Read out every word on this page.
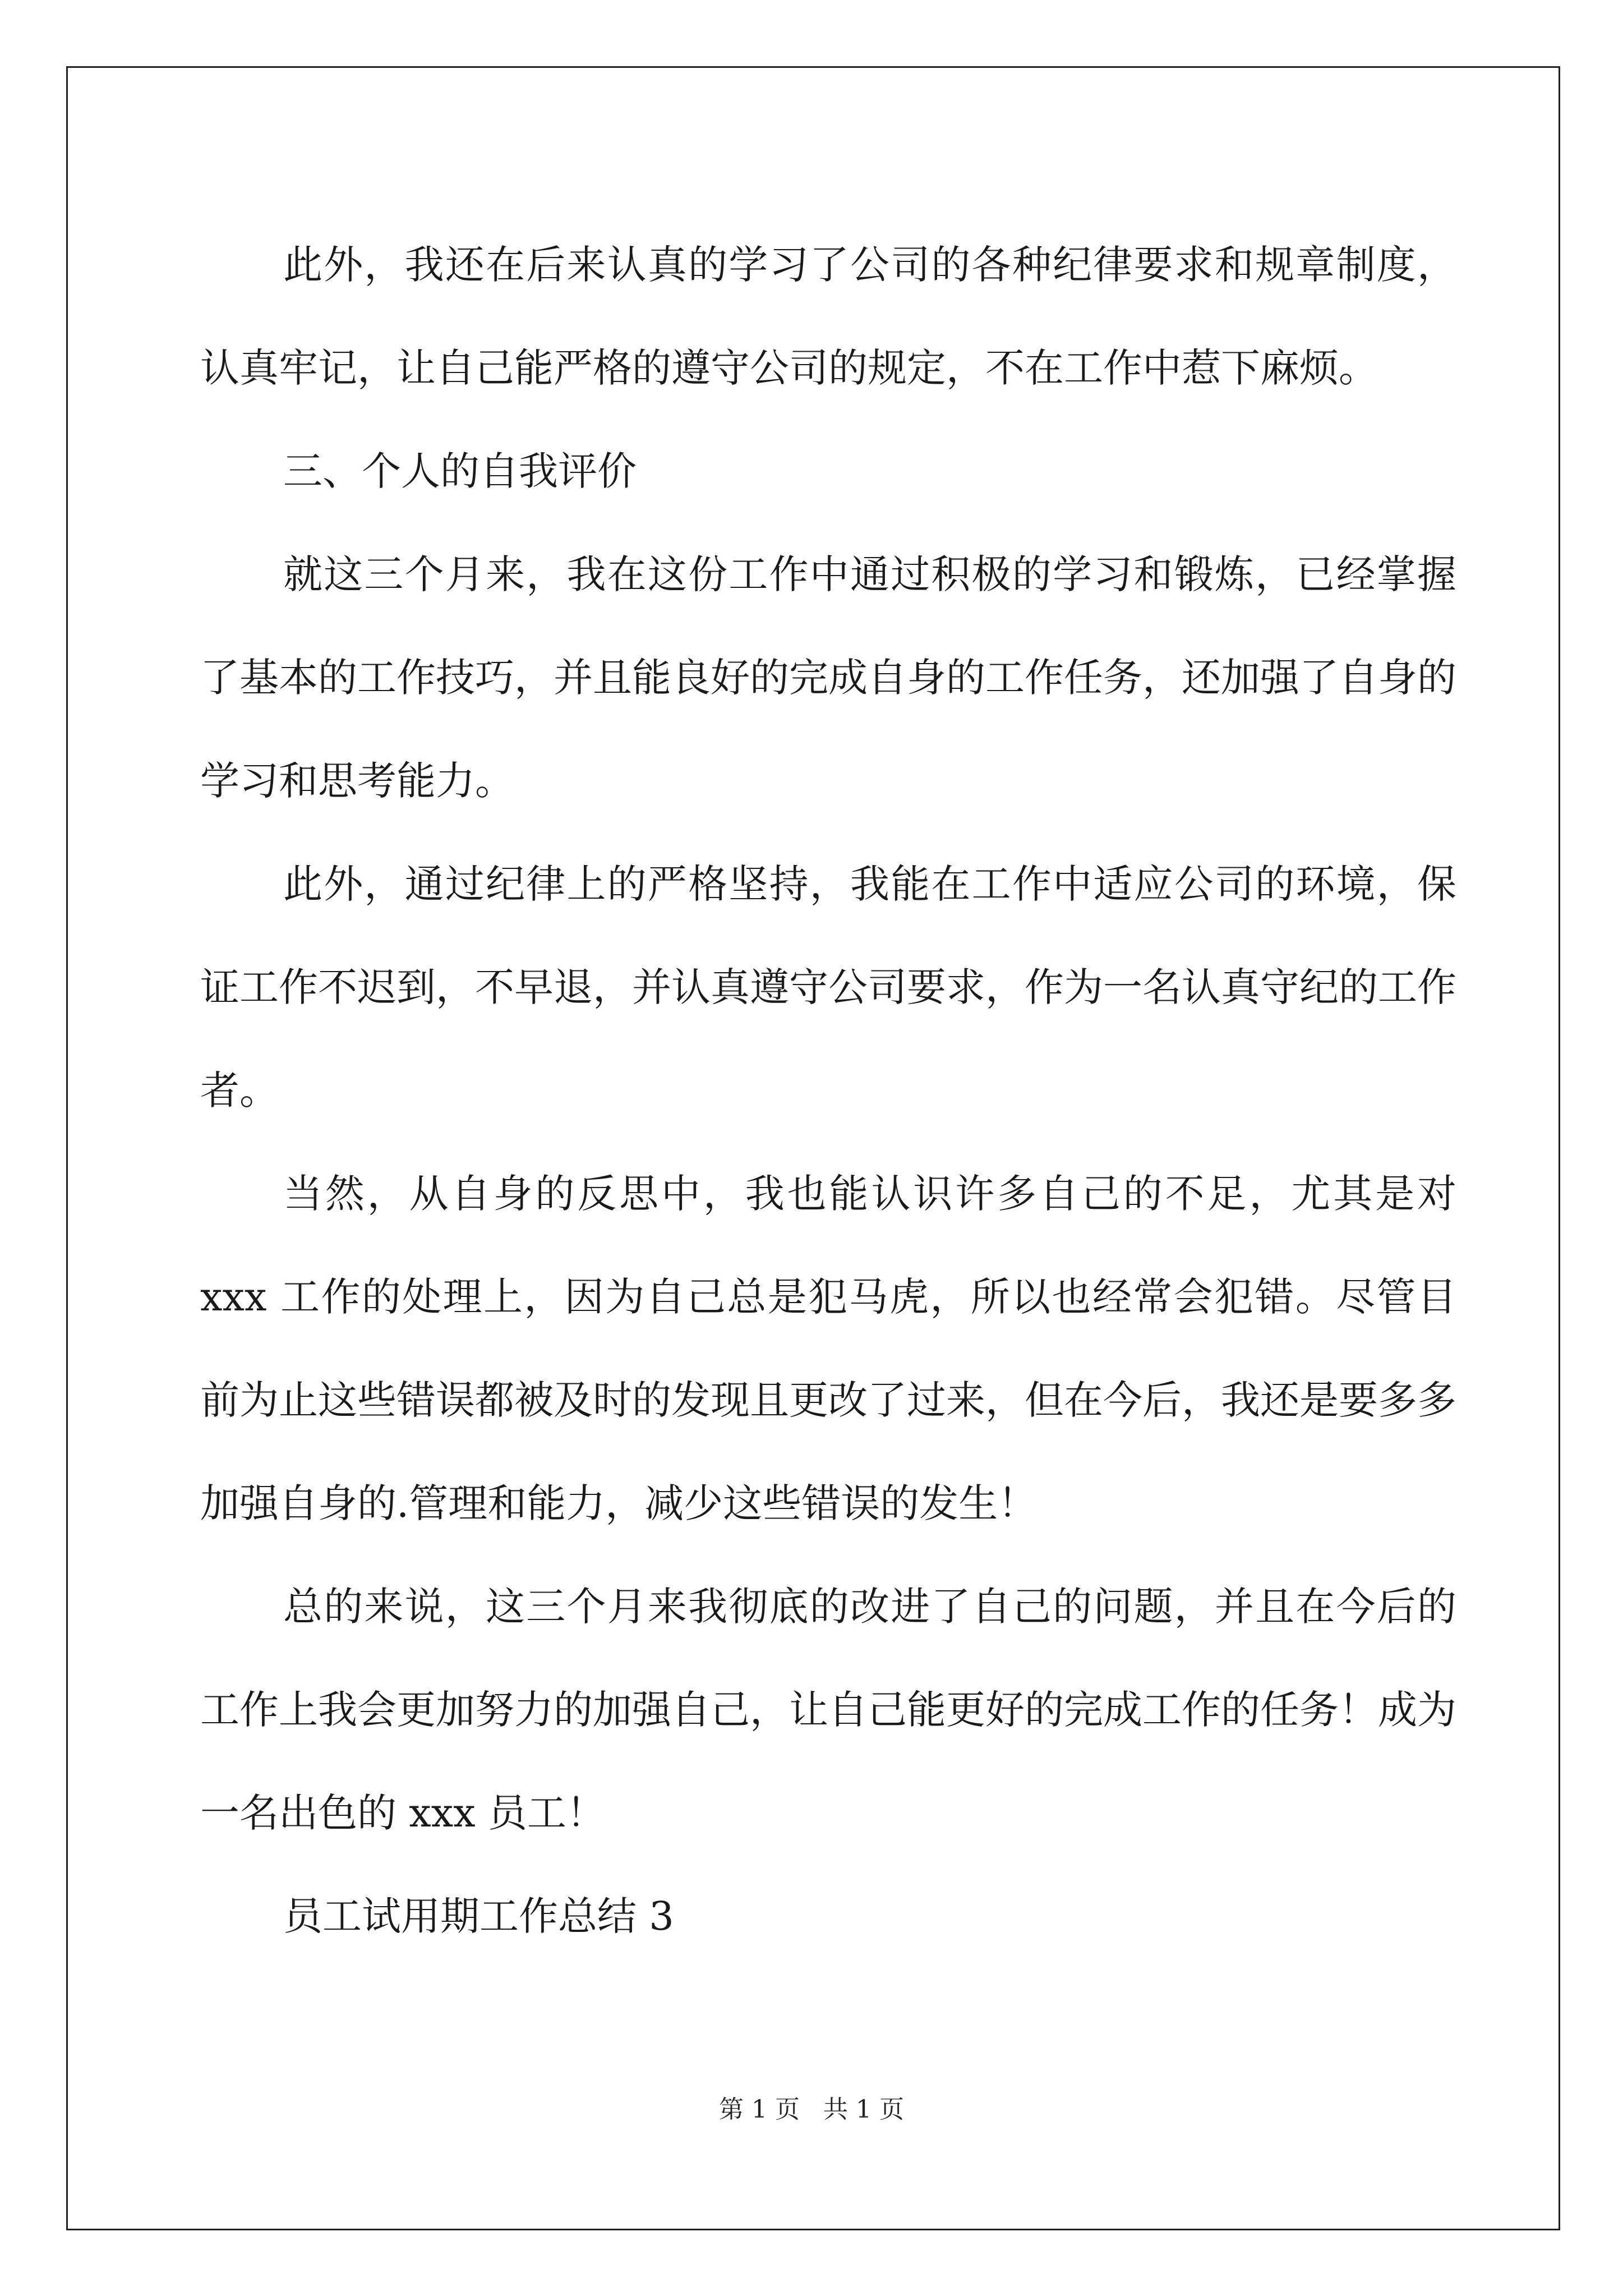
此外，我还在后来认真的学习了公司的各种纪律要求和规章制度，认真牢记，让自己能严格的遵守公司的规定，不在工作中惹下麻烦。

三、个人的自我评价

就这三个月来，我在这份工作中通过积极的学习和锻炼，已经掌握了基本的工作技巧，并且能良好的完成自身的工作任务，还加强了自身的学习和思考能力。

此外，通过纪律上的严格坚持，我能在工作中适应公司的环境，保证工作不迟到，不早退，并认真遵守公司要求，作为一名认真守纪的工作者。

当然，从自身的反思中，我也能认识许多自己的不足，尤其是对 xxx 工作的处理上，因为自己总是犯马虎，所以也经常会犯错。尽管目前为止这些错误都被及时的发现且更改了过来，但在今后，我还是要多多加强自身的.管理和能力，减少这些错误的发生！

总的来说，这三个月来我彻底的改进了自己的问题，并且在今后的工作上我会更加努力的加强自己，让自己能更好的完成工作的任务！成为一名出色的 xxx 员工！

员工试用期工作总结 3

第 1 页   共 1 页
